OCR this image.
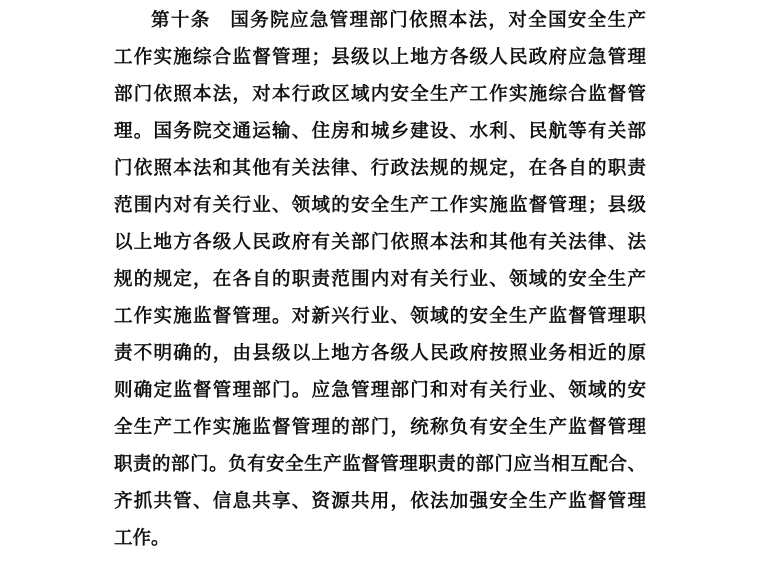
第十条　国务院应急管理部门依照本法，对全国安全生产
工作实施综合监督管理；县级以上地方各级人民政府应急管理
部门依照本法，对本行政区域内安全生产工作实施综合监督管
理。国务院交通运输、住房和城乡建设、水利、民航等有关部
门依照本法和其他有关法律、行政法规的规定，在各自的职责
范围内对有关行业、领域的安全生产工作实施监督管理；县级
以上地方各级人民政府有关部门依照本法和其他有关法律、法
规的规定，在各自的职责范围内对有关行业、领域的安全生产
工作实施监督管理。对新兴行业、领域的安全生产监督管理职
责不明确的，由县级以上地方各级人民政府按照业务相近的原
则确定监督管理部门。应急管理部门和对有关行业、领域的安
全生产工作实施监督管理的部门，统称负有安全生产监督管理
职责的部门。负有安全生产监督管理职责的部门应当相互配合、
齐抓共管、信息共享、资源共用，依法加强安全生产监督管理
工作。
